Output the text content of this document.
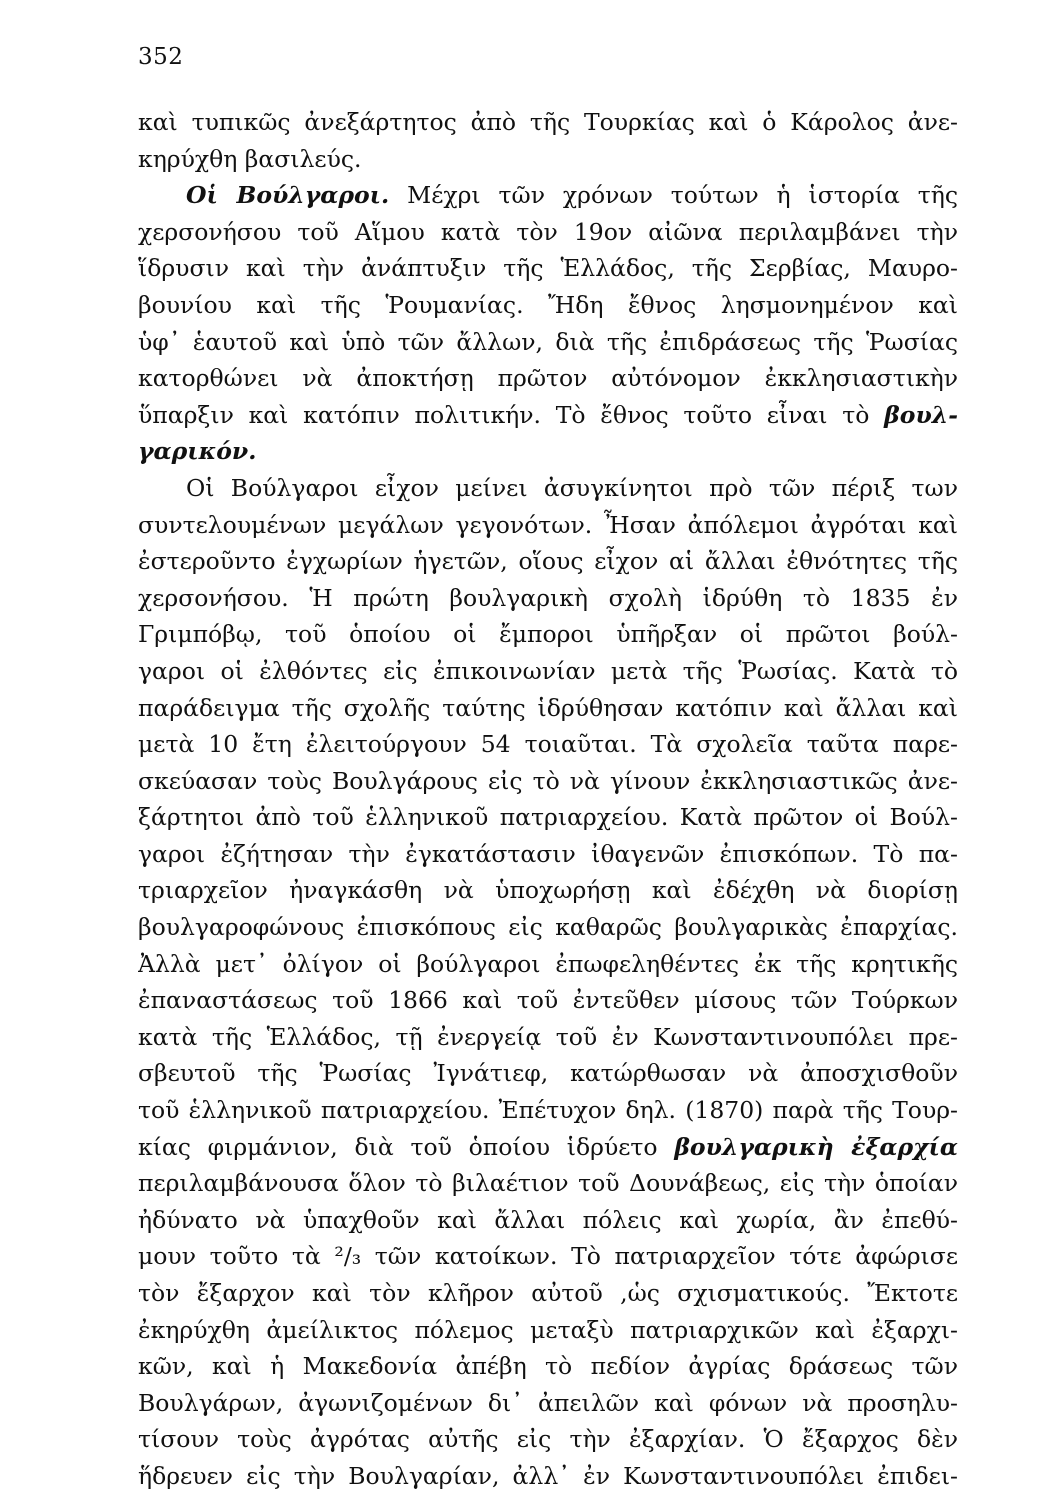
352
καὶ τυπικῶς ἀνεξάρτητος ἀπὸ τῆς Τουρκίας καὶ ὁ Κάρολος ἀνε-
κηρύχθη βασιλεύς.
Οἱ Βούλγαροι. Μέχρι τῶν χρόνων τούτων ἡ ἱστορία τῆς
χερσονήσου τοῦ Αἵμου κατὰ τὸν 19ον αἰῶνα περιλαμβάνει τὴν
ἵδρυσιν καὶ τὴν ἀνάπτυξιν τῆς Ἑλλάδος, τῆς Σερβίας, Μαυρο-
βουνίου καὶ τῆς Ῥουμανίας. Ἤδη ἔθνος λησμονημένον καὶ
ὑφ᾽ ἑαυτοῦ καὶ ὑπὸ τῶν ἄλλων, διὰ τῆς ἐπιδράσεως τῆς Ῥωσίας
κατορθώνει νὰ ἀποκτήσῃ πρῶτον αὐτόνομον ἐκκλησιαστικὴν
ὕπαρξιν καὶ κατόπιν πολιτικήν. Τὸ ἔθνος τοῦτο εἶναι τὸ βουλ-
γαρικόν.
Οἱ Βούλγαροι εἶχον μείνει ἀσυγκίνητοι πρὸ τῶν πέριξ των
συντελουμένων μεγάλων γεγονότων. Ἦσαν ἀπόλεμοι ἀγρόται καὶ
ἐστεροῦντο ἐγχωρίων ἡγετῶν, οἵους εἶχον αἱ ἄλλαι ἐθνότητες τῆς
χερσονήσου. Ἡ πρώτη βουλγαρικὴ σχολὴ ἱδρύθη τὸ 1835 ἐν
Γριμπόβῳ, τοῦ ὁποίου οἱ ἔμποροι ὑπῆρξαν οἱ πρῶτοι βούλ-
γαροι οἱ ἐλθόντες εἰς ἐπικοινωνίαν μετὰ τῆς Ῥωσίας. Κατὰ τὸ
παράδειγμα τῆς σχολῆς ταύτης ἱδρύθησαν κατόπιν καὶ ἄλλαι καὶ
μετὰ 10 ἔτη ἐλειτούργουν 54 τοιαῦται. Τὰ σχολεῖα ταῦτα παρε-
σκεύασαν τοὺς Βουλγάρους εἰς τὸ νὰ γίνουν ἐκκλησιαστικῶς ἀνε-
ξάρτητοι ἀπὸ τοῦ ἑλληνικοῦ πατριαρχείου. Κατὰ πρῶτον οἱ Βούλ-
γαροι ἐζήτησαν τὴν ἐγκατάστασιν ἰθαγενῶν ἐπισκόπων. Τὸ πα-
τριαρχεῖον ἠναγκάσθη νὰ ὑποχωρήσῃ καὶ ἐδέχθη νὰ διορίσῃ
βουλγαροφώνους ἐπισκόπους εἰς καθαρῶς βουλγαρικὰς ἐπαρχίας.
Ἀλλὰ μετ᾽ ὀλίγον οἱ βούλγαροι ἐπωφεληθέντες ἐκ τῆς κρητικῆς
ἐπαναστάσεως τοῦ 1866 καὶ τοῦ ἐντεῦθεν μίσους τῶν Τούρκων
κατὰ τῆς Ἑλλάδος, τῇ ἐνεργείᾳ τοῦ ἐν Κωνσταντινουπόλει πρε-
σβευτοῦ τῆς Ῥωσίας Ἰγνάτιεφ, κατώρθωσαν νὰ ἀποσχισθοῦν
τοῦ ἑλληνικοῦ πατριαρχείου. Ἐπέτυχον δηλ. (1870) παρὰ τῆς Τουρ-
κίας φιρμάνιον, διὰ τοῦ ὁποίου ἱδρύετο βουλγαρικὴ ἐξαρχία
περιλαμβάνουσα ὅλον τὸ βιλαέτιον τοῦ Δουνάβεως, εἰς τὴν ὁποίαν
ἠδύνατο νὰ ὑπαχθοῦν καὶ ἄλλαι πόλεις καὶ χωρία, ἂν ἐπεθύ-
μουν τοῦτο τὰ ²/₃ τῶν κατοίκων. Τὸ πατριαρχεῖον τότε ἀφώρισε
τὸν ἔξαρχον καὶ τὸν κλῆρον αὐτοῦ ,ὡς σχισματικούς. Ἔκτοτε
ἐκηρύχθη ἀμείλικτος πόλεμος μεταξὺ πατριαρχικῶν καὶ ἐξαρχι-
κῶν, καὶ ἡ Μακεδονία ἀπέβη τὸ πεδίον ἀγρίας δράσεως τῶν
Βουλγάρων, ἀγωνιζομένων δι᾽ ἀπειλῶν καὶ φόνων νὰ προσηλυ-
τίσουν τοὺς ἀγρότας αὐτῆς εἰς τὴν ἐξαρχίαν. Ὁ ἔξαρχος δὲν
ἥδρευεν εἰς τὴν Βουλγαρίαν, ἀλλ᾽ ἐν Κωνσταντινουπόλει ἐπιδει-
